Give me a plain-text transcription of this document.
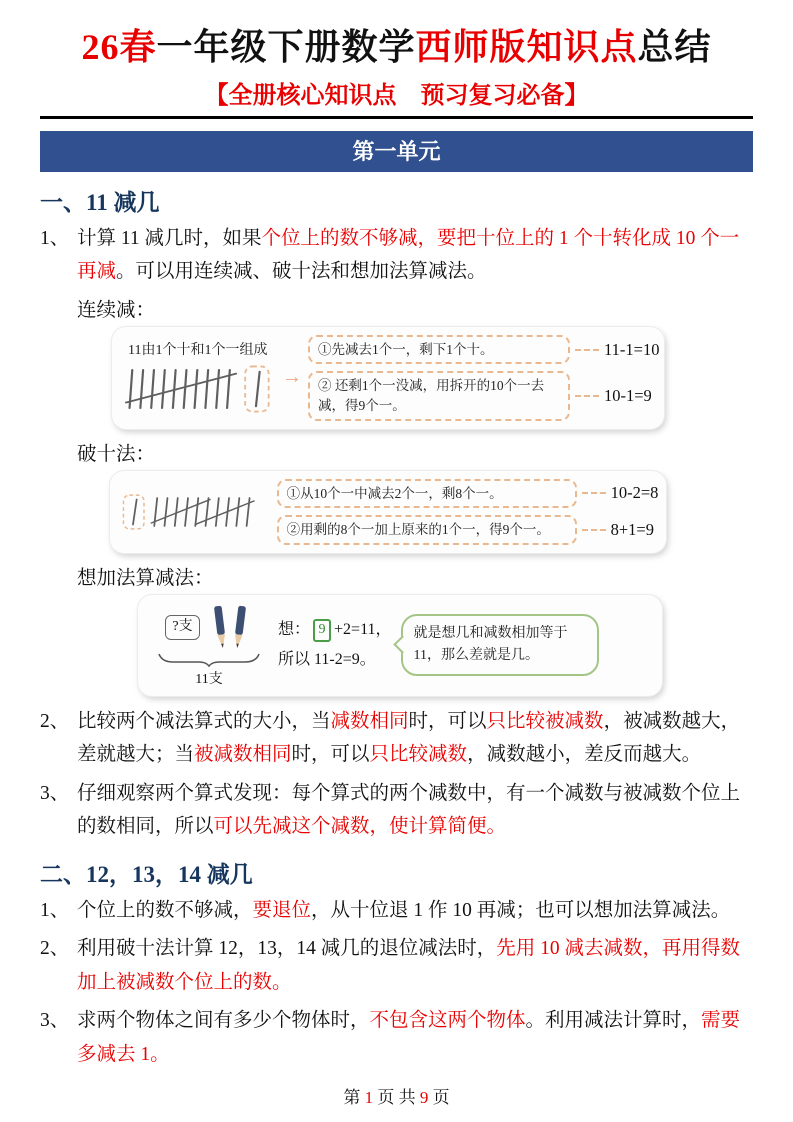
26春一年级下册数学西师版知识点总结
【全册核心知识点　预习复习必备】
第一单元
一、11 减几
1、 计算 11 减几时，如果个位上的数不够减，要把十位上的 1 个十转化成 10 个一再减。可以用连续减、破十法和想加法算减法。
连续减：
11由1个十和1个一组成
→
①先减去1个一，剩下1个十。	11-1=10
② 还剩1个一没减，用拆开的10个一去减，得9个一。
10-1=9
破十法：
①从10个一中减去2个一，剩8个一。	10-2=8
②用剩的8个一加上原来的1个一，得9个一。	8+1=9
想加法算减法：
?支
11支
想： 9 +2=11，
所以 11-2=9。
就是想几和减数相加等于11，那么差就是几。
2、 比较两个减法算式的大小，当减数相同时，可以只比较被减数，被减数越大，差就越大；当被减数相同时，可以只比较减数，减数越小，差反而越大。
3、 仔细观察两个算式发现：每个算式的两个减数中，有一个减数与被减数个位上的数相同，所以可以先减这个减数，使计算简便。
二、12，13，14 减几
1、 个位上的数不够减，要退位，从十位退 1 作 10 再减；也可以想加法算减法。
2、 利用破十法计算 12，13，14 减几的退位减法时，先用 10 减去减数，再用得数加上被减数个位上的数。
3、 求两个物体之间有多少个物体时，不包含这两个物体。利用减法计算时，需要多减去 1。
第 1 页 共 9 页
